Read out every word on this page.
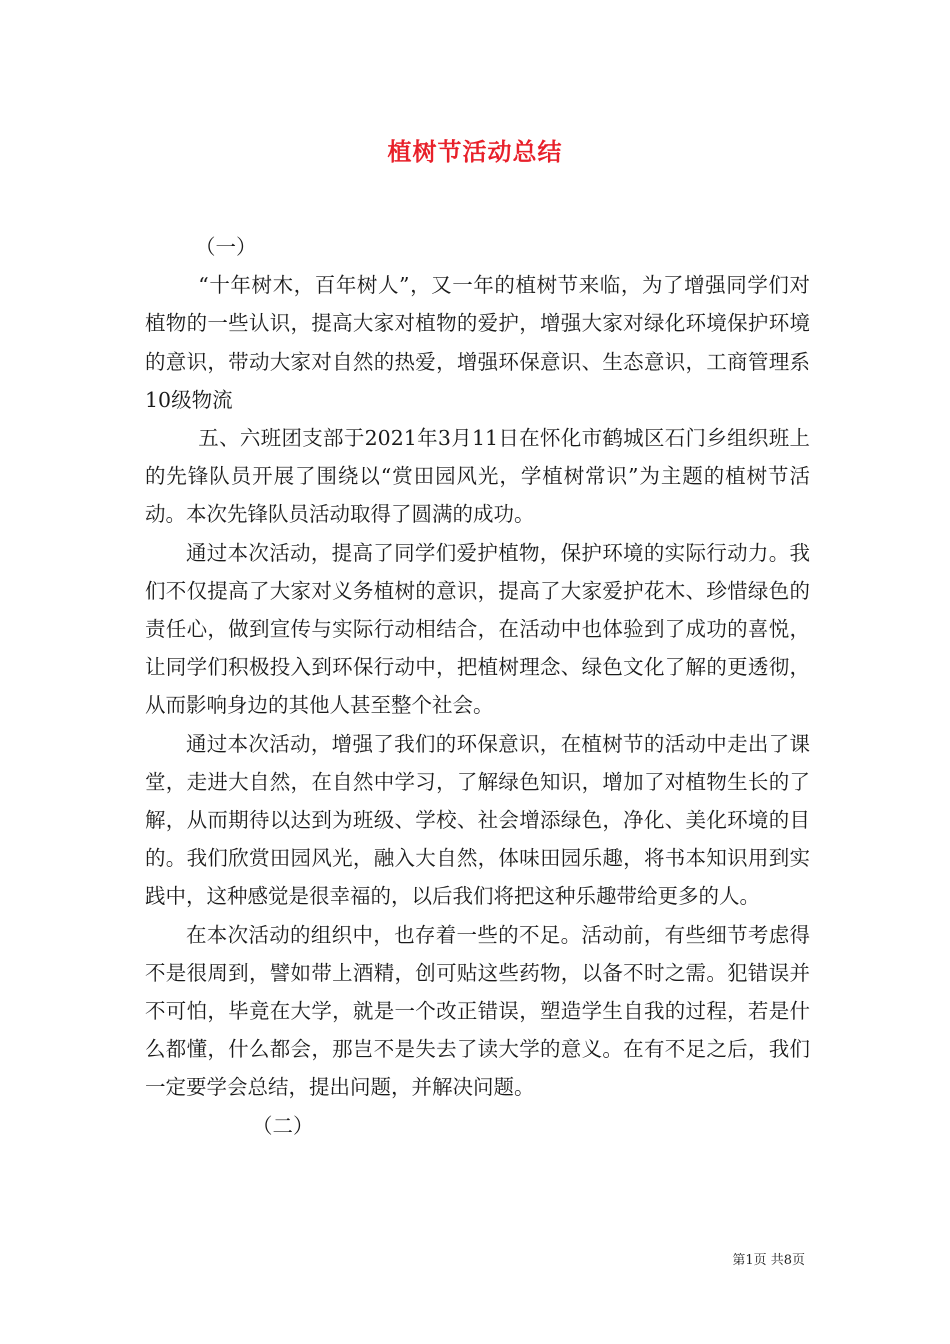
植树节活动总结

（一）

“十年树木，百年树人”，又一年的植树节来临，为了增强同学们对植物的一些认识，提高大家对植物的爱护，增强大家对绿化环境保护环境的意识，带动大家对自然的热爱，增强环保意识、生态意识，工商管理系10级物流

五、六班团支部于2021年3月11日在怀化市鹤城区石门乡组织班上的先锋队员开展了围绕以“赏田园风光，学植树常识”为主题的植树节活动。本次先锋队员活动取得了圆满的成功。

通过本次活动，提高了同学们爱护植物，保护环境的实际行动力。我们不仅提高了大家对义务植树的意识，提高了大家爱护花木、珍惜绿色的责任心，做到宣传与实际行动相结合，在活动中也体验到了成功的喜悦，让同学们积极投入到环保行动中，把植树理念、绿色文化了解的更透彻，从而影响身边的其他人甚至整个社会。

通过本次活动，增强了我们的环保意识，在植树节的活动中走出了课堂，走进大自然，在自然中学习，了解绿色知识，增加了对植物生长的了解，从而期待以达到为班级、学校、社会增添绿色，净化、美化环境的目的。我们欣赏田园风光，融入大自然，体味田园乐趣，将书本知识用到实践中，这种感觉是很幸福的，以后我们将把这种乐趣带给更多的人。

在本次活动的组织中，也存着一些的不足。活动前，有些细节考虑得不是很周到，譬如带上酒精，创可贴这些药物，以备不时之需。犯错误并不可怕，毕竟在大学，就是一个改正错误，塑造学生自我的过程，若是什么都懂，什么都会，那岂不是失去了读大学的意义。在有不足之后，我们一定要学会总结，提出问题，并解决问题。

（二）

第1页 共8页
